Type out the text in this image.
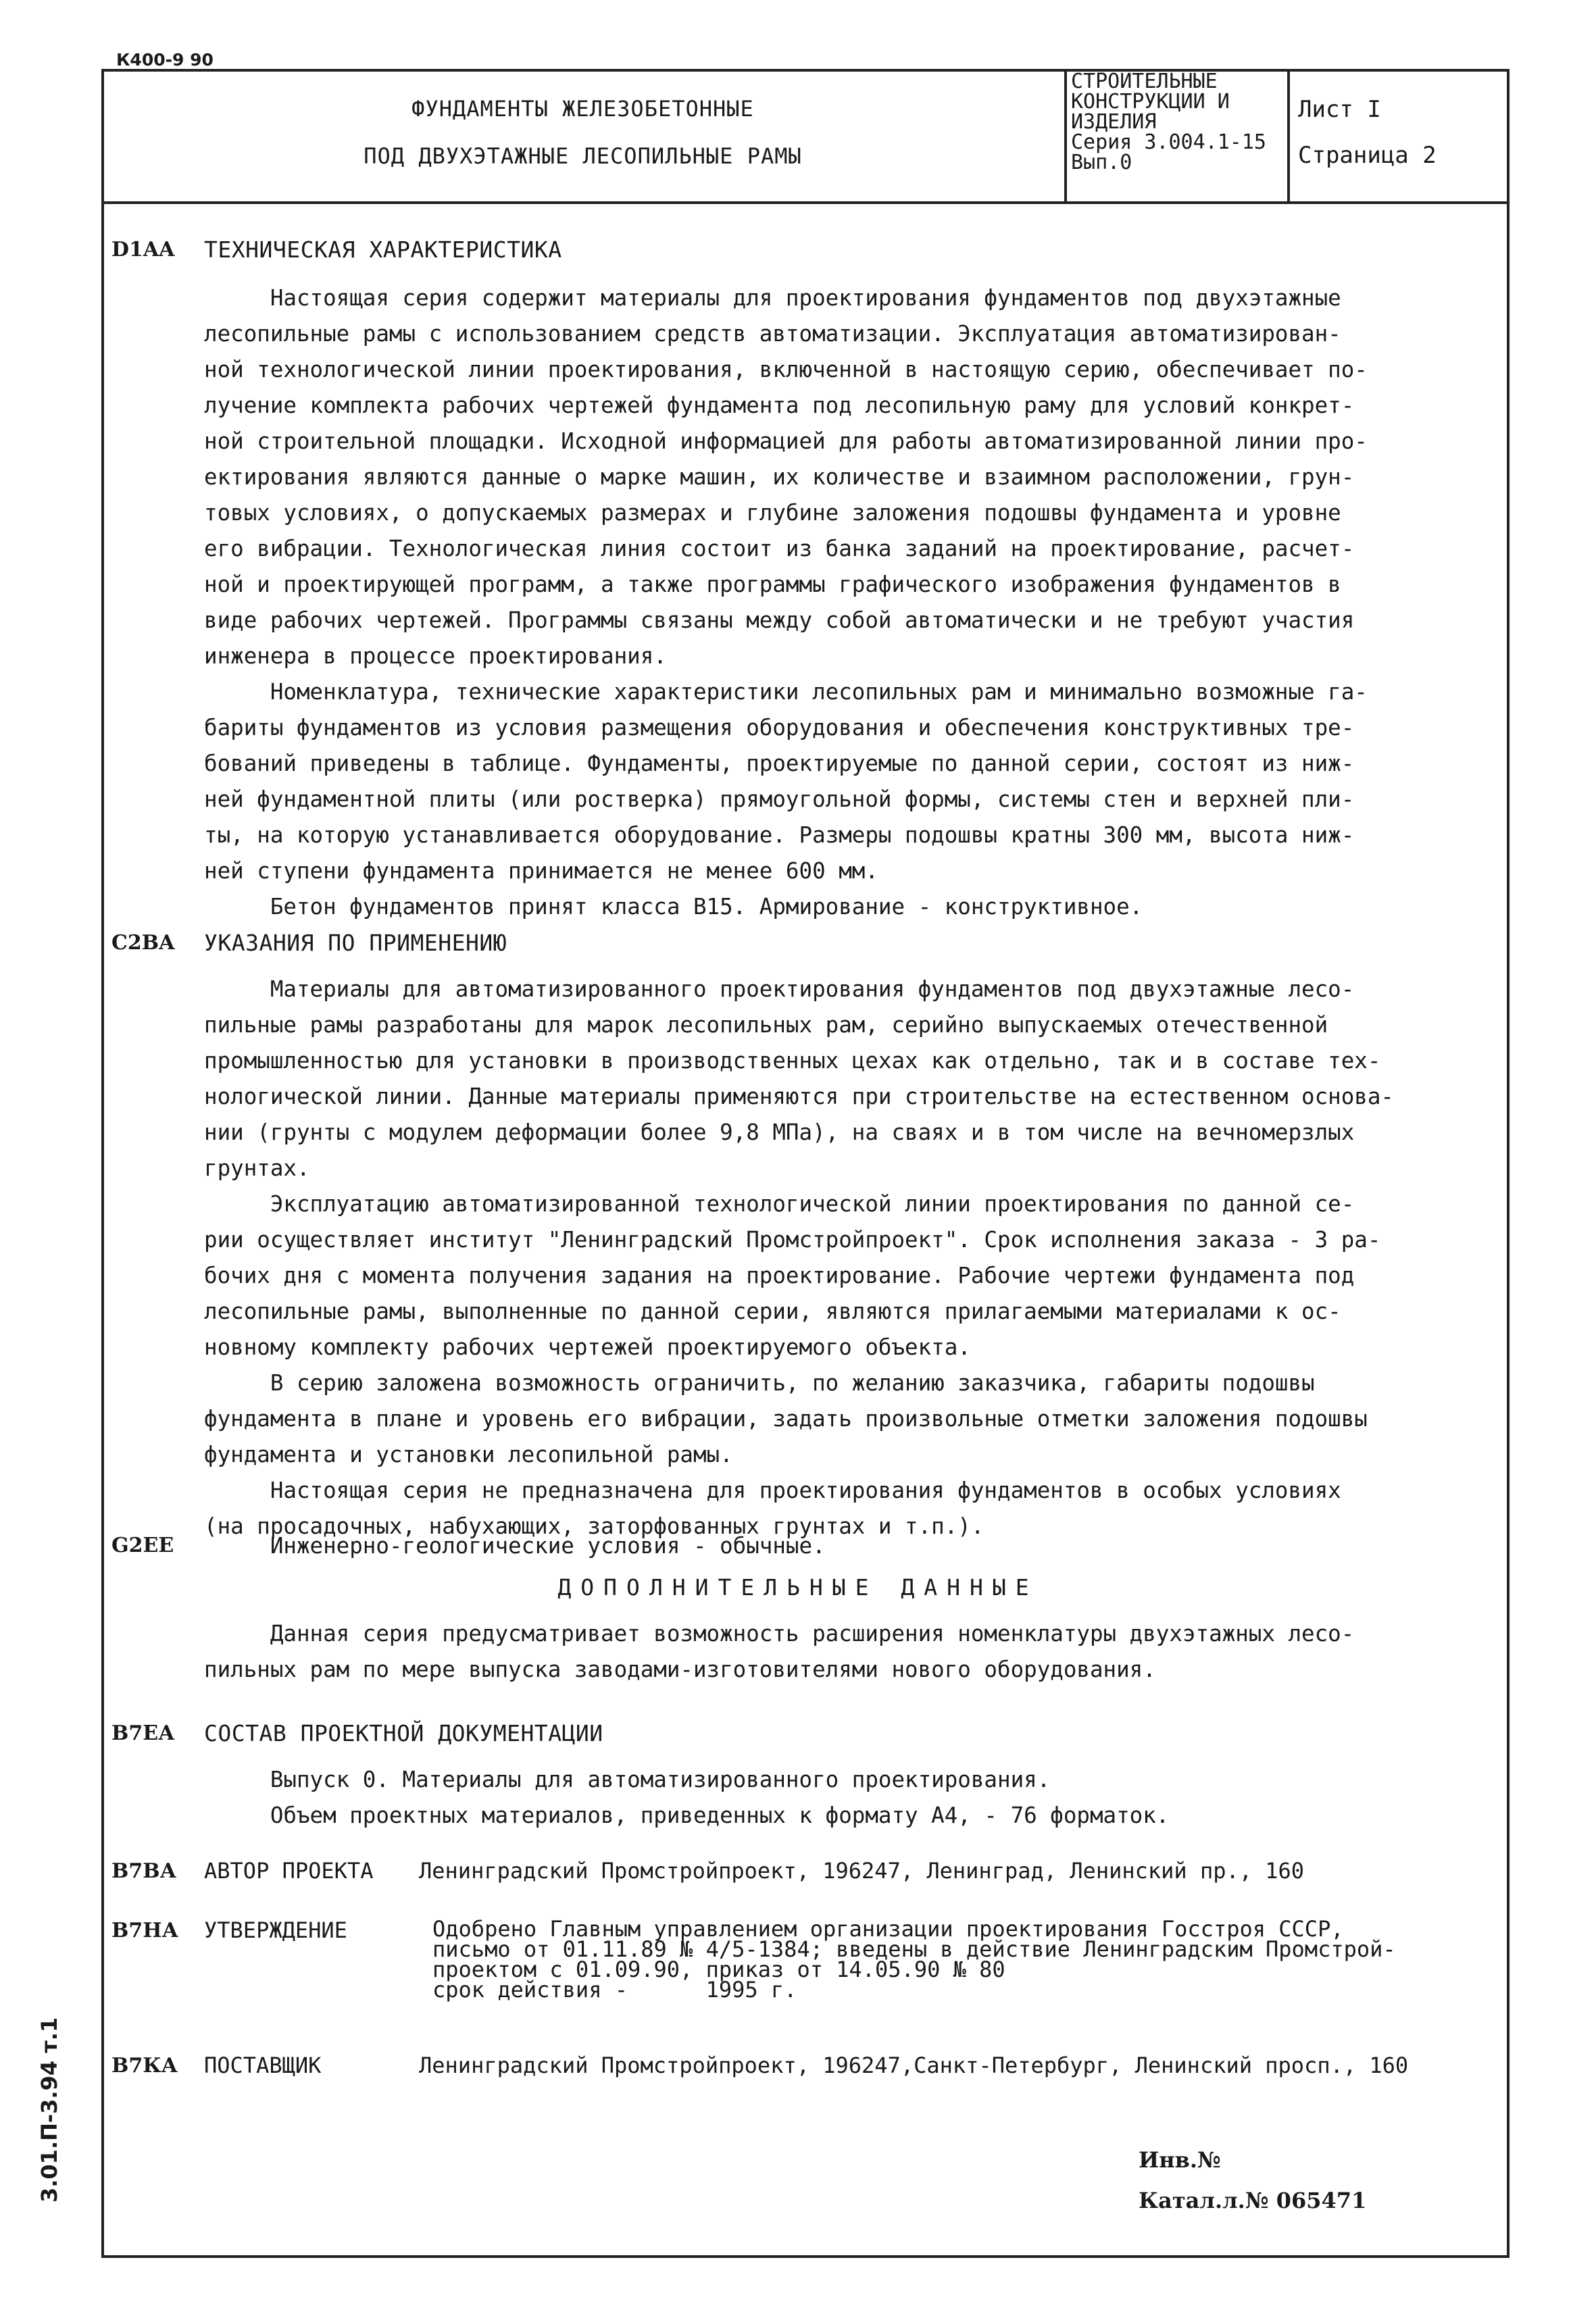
К400-9 90
ФУНДАМЕНТЫ ЖЕЛЕЗОБЕТОННЫЕ
ПОД ДВУХЭТАЖНЫЕ ЛЕСОПИЛЬНЫЕ РАМЫ
СТРОИТЕЛЬНЫЕ
КОНСТРУКЦИИ И
ИЗДЕЛИЯ
Серия 3.004.1-15
Вып.0
Лист I
Страница 2
D1AA ТЕХНИЧЕСКАЯ ХАРАКТЕРИСТИКА

Настоящая серия содержит материалы для проектирования фундаментов под двухэтажные

лесопильные рамы с использованием средств автоматизации. Эксплуатация автоматизирован-

ной технологической линии проектирования, включенной в настоящую серию, обеспечивает по-

лучение комплекта рабочих чертежей фундамента под лесопильную раму для условий конкрет-

ной строительной площадки. Исходной информацией для работы автоматизированной линии про-

ектирования являются данные о марке машин, их количестве и взаимном расположении, грун-

товых условиях, о допускаемых размерах и глубине заложения подошвы фундамента и уровне

его вибрации. Технологическая линия состоит из банка заданий на проектирование, расчет-

ной и проектирующей программ, а также программы графического изображения фундаментов в

виде рабочих чертежей. Программы связаны между собой автоматически и не требуют участия

инженера в процессе проектирования.

Номенклатура, технические характеристики лесопильных рам и минимально возможные га-

бариты фундаментов из условия размещения оборудования и обеспечения конструктивных тре-

бований приведены в таблице. Фундаменты, проектируемые по данной серии, состоят из ниж-

ней фундаментной плиты (или ростверка) прямоугольной формы, системы стен и верхней пли-

ты, на которую устанавливается оборудование. Размеры подошвы кратны 300 мм, высота ниж-

ней ступени фундамента принимается не менее 600 мм.

Бетон фундаментов принят класса В15. Армирование - конструктивное.

C2BA УКАЗАНИЯ ПО ПРИМЕНЕНИЮ

Материалы для автоматизированного проектирования фундаментов под двухэтажные лесо-

пильные рамы разработаны для марок лесопильных рам, серийно выпускаемых отечественной

промышленностью для установки в производственных цехах как отдельно, так и в составе тех-

нологической линии. Данные материалы применяются при строительстве на естественном основа-

нии (грунты с модулем деформации более 9,8 МПа), на сваях и в том числе на вечномерзлых

грунтах.

Эксплуатацию автоматизированной технологической линии проектирования по данной се-

рии осуществляет институт "Ленинградский Промстройпроект". Срок исполнения заказа - 3 ра-

бочих дня с момента получения задания на проектирование. Рабочие чертежи фундамента под

лесопильные рамы, выполненные по данной серии, являются прилагаемыми материалами к ос-

новному комплекту рабочих чертежей проектируемого объекта.

В серию заложена возможность ограничить, по желанию заказчика, габариты подошвы

фундамента в плане и уровень его вибрации, задать произвольные отметки заложения подошвы

фундамента и установки лесопильной рамы.

Настоящая серия не предназначена для проектирования фундаментов в особых условиях

(на просадочных, набухающих, заторфованных грунтах и т.п.).

G2EE Инженерно-геологические условия - обычные.

ДОПОЛНИТЕЛЬНЫЕ ДАННЫЕ

Данная серия предусматривает возможность расширения номенклатуры двухэтажных лесо-

пильных рам по мере выпуска заводами-изготовителями нового оборудования.

В7ЕА СОСТАВ ПРОЕКТНОЙ ДОКУМЕНТАЦИИ

Выпуск 0. Материалы для автоматизированного проектирования.

Объем проектных материалов, приведенных к формату А4, - 76 форматок.

В7ВА АВТОР ПРОЕКТА Ленинградский Промстройпроект, 196247, Ленинград, Ленинский пр., 160
В7НА УТВЕРЖДЕНИЕ	Одобрено Главным управлением организации проектирования Госстроя СССР,

письмо от 01.11.89 № 4/5-1384; введены в действие Ленинградским Промстрой-

проектом с 01.09.90, приказ от 14.05.90 № 80

срок действия -      1995 г.

В7КА ПОСТАВЩИК	Ленинградский Промстройпроект, 196247,Санкт-Петербург, Ленинский просп., 160
Инв.№
Катал.л.№ 065471
3.01.П-3.94 т.1
